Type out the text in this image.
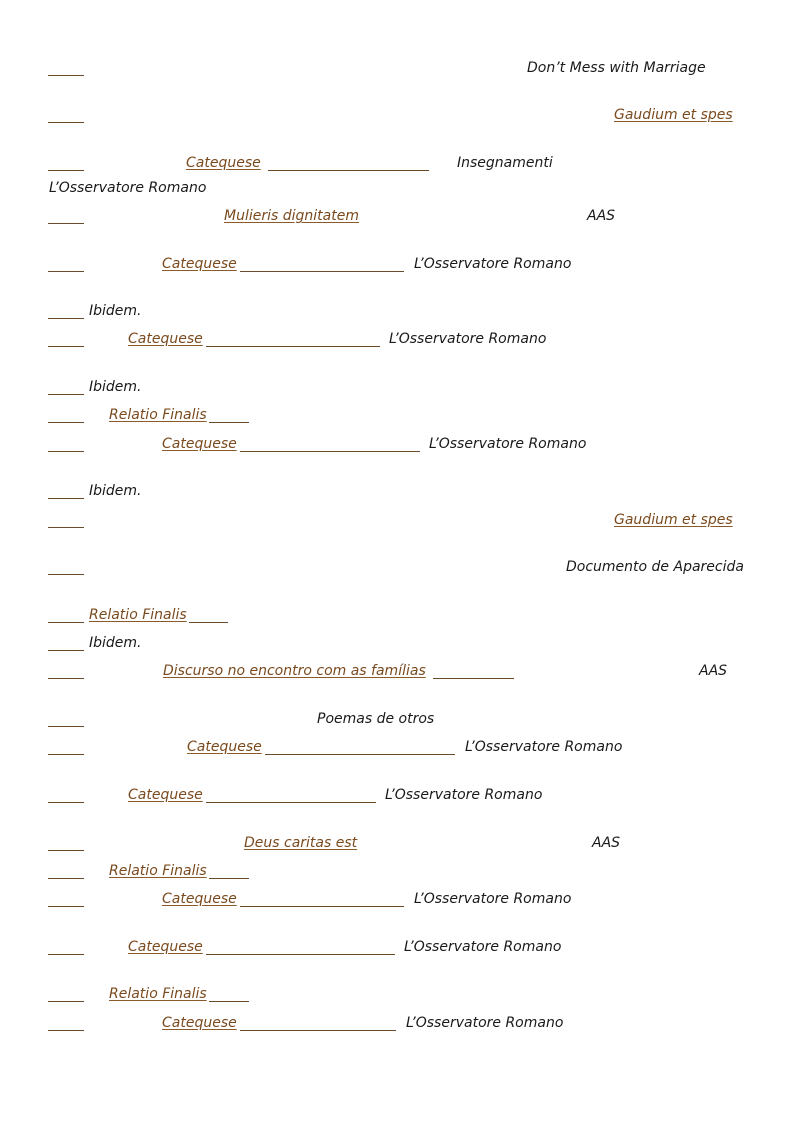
Don’t Mess with Marriage
Gaudium et spes
Catequese	Insegnamenti
L’Osservatore Romano
Mulieris dignitatem	AAS
Catequese	L’Osservatore Romano
Ibidem.
Catequese	L’Osservatore Romano
Ibidem.
Relatio Finalis
Catequese	L’Osservatore Romano
Ibidem.
Gaudium et spes
Documento de Aparecida
Relatio Finalis
Ibidem.
Discurso no encontro com as famílias	AAS
Poemas de otros
Catequese	L’Osservatore Romano
Catequese	L’Osservatore Romano
Deus caritas est	AAS
Relatio Finalis
Catequese	L’Osservatore Romano
Catequese	L’Osservatore Romano
Relatio Finalis
Catequese	L’Osservatore Romano
